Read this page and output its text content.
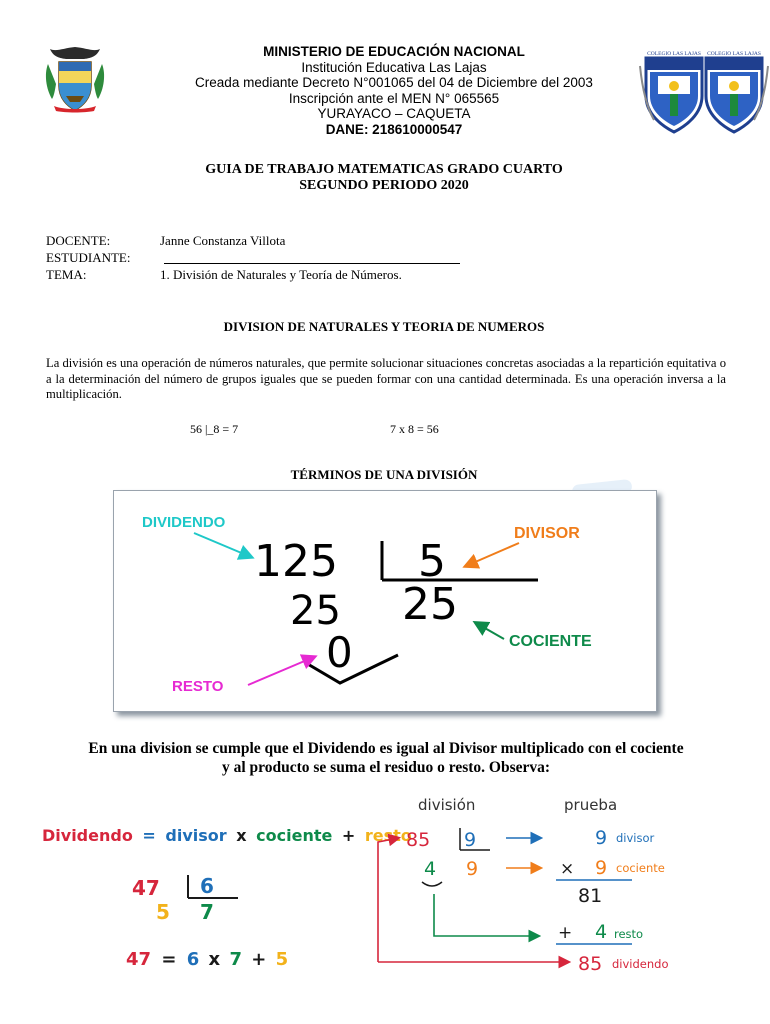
MINISTERIO DE EDUCACIÓN NACIONAL
Institución Educativa Las Lajas
Creada mediante Decreto N°001065 del 04 de Diciembre del 2003
Inscripción ante el MEN N° 065565
YURAYACO – CAQUETA
DANE: 218610000547
COLEGIO LAS LAJAS COLEGIO LAS LAJAS
GUIA DE TRABAJO MATEMATICAS GRADO CUARTO
SEGUNDO PERIODO 2020
DOCENTE:	Janne Constanza Villota
ESTUDIANTE:
TEMA:	1. División de Naturales y Teoría de Números.
DIVISION DE NATURALES Y TEORIA DE NUMEROS
La división es una operación de números naturales, que permite solucionar situaciones concretas asociadas a la repartición equitativa o a la determinación del número de grupos iguales que se pueden formar con una cantidad determinada. Es una operación inversa a la multiplicación.
56 |_8 = 7	7 x 8 = 56
TÉRMINOS DE UNA DIVISIÓN
DIVIDENDO
DIVISOR
125 5
25 25
COCIENTE
0
RESTO
En una division se cumple que el Dividendo es igual al Divisor multiplicado con el cociente
y al producto se suma el residuo o resto. Observa:
Dividendo = divisor x cociente + resto
47 6
5 7
47 = 6 x 7 + 5
división	prueba
85 9
4 9
9 divisor
× 9 cociente
81
+ 4 resto
85 dividendo
